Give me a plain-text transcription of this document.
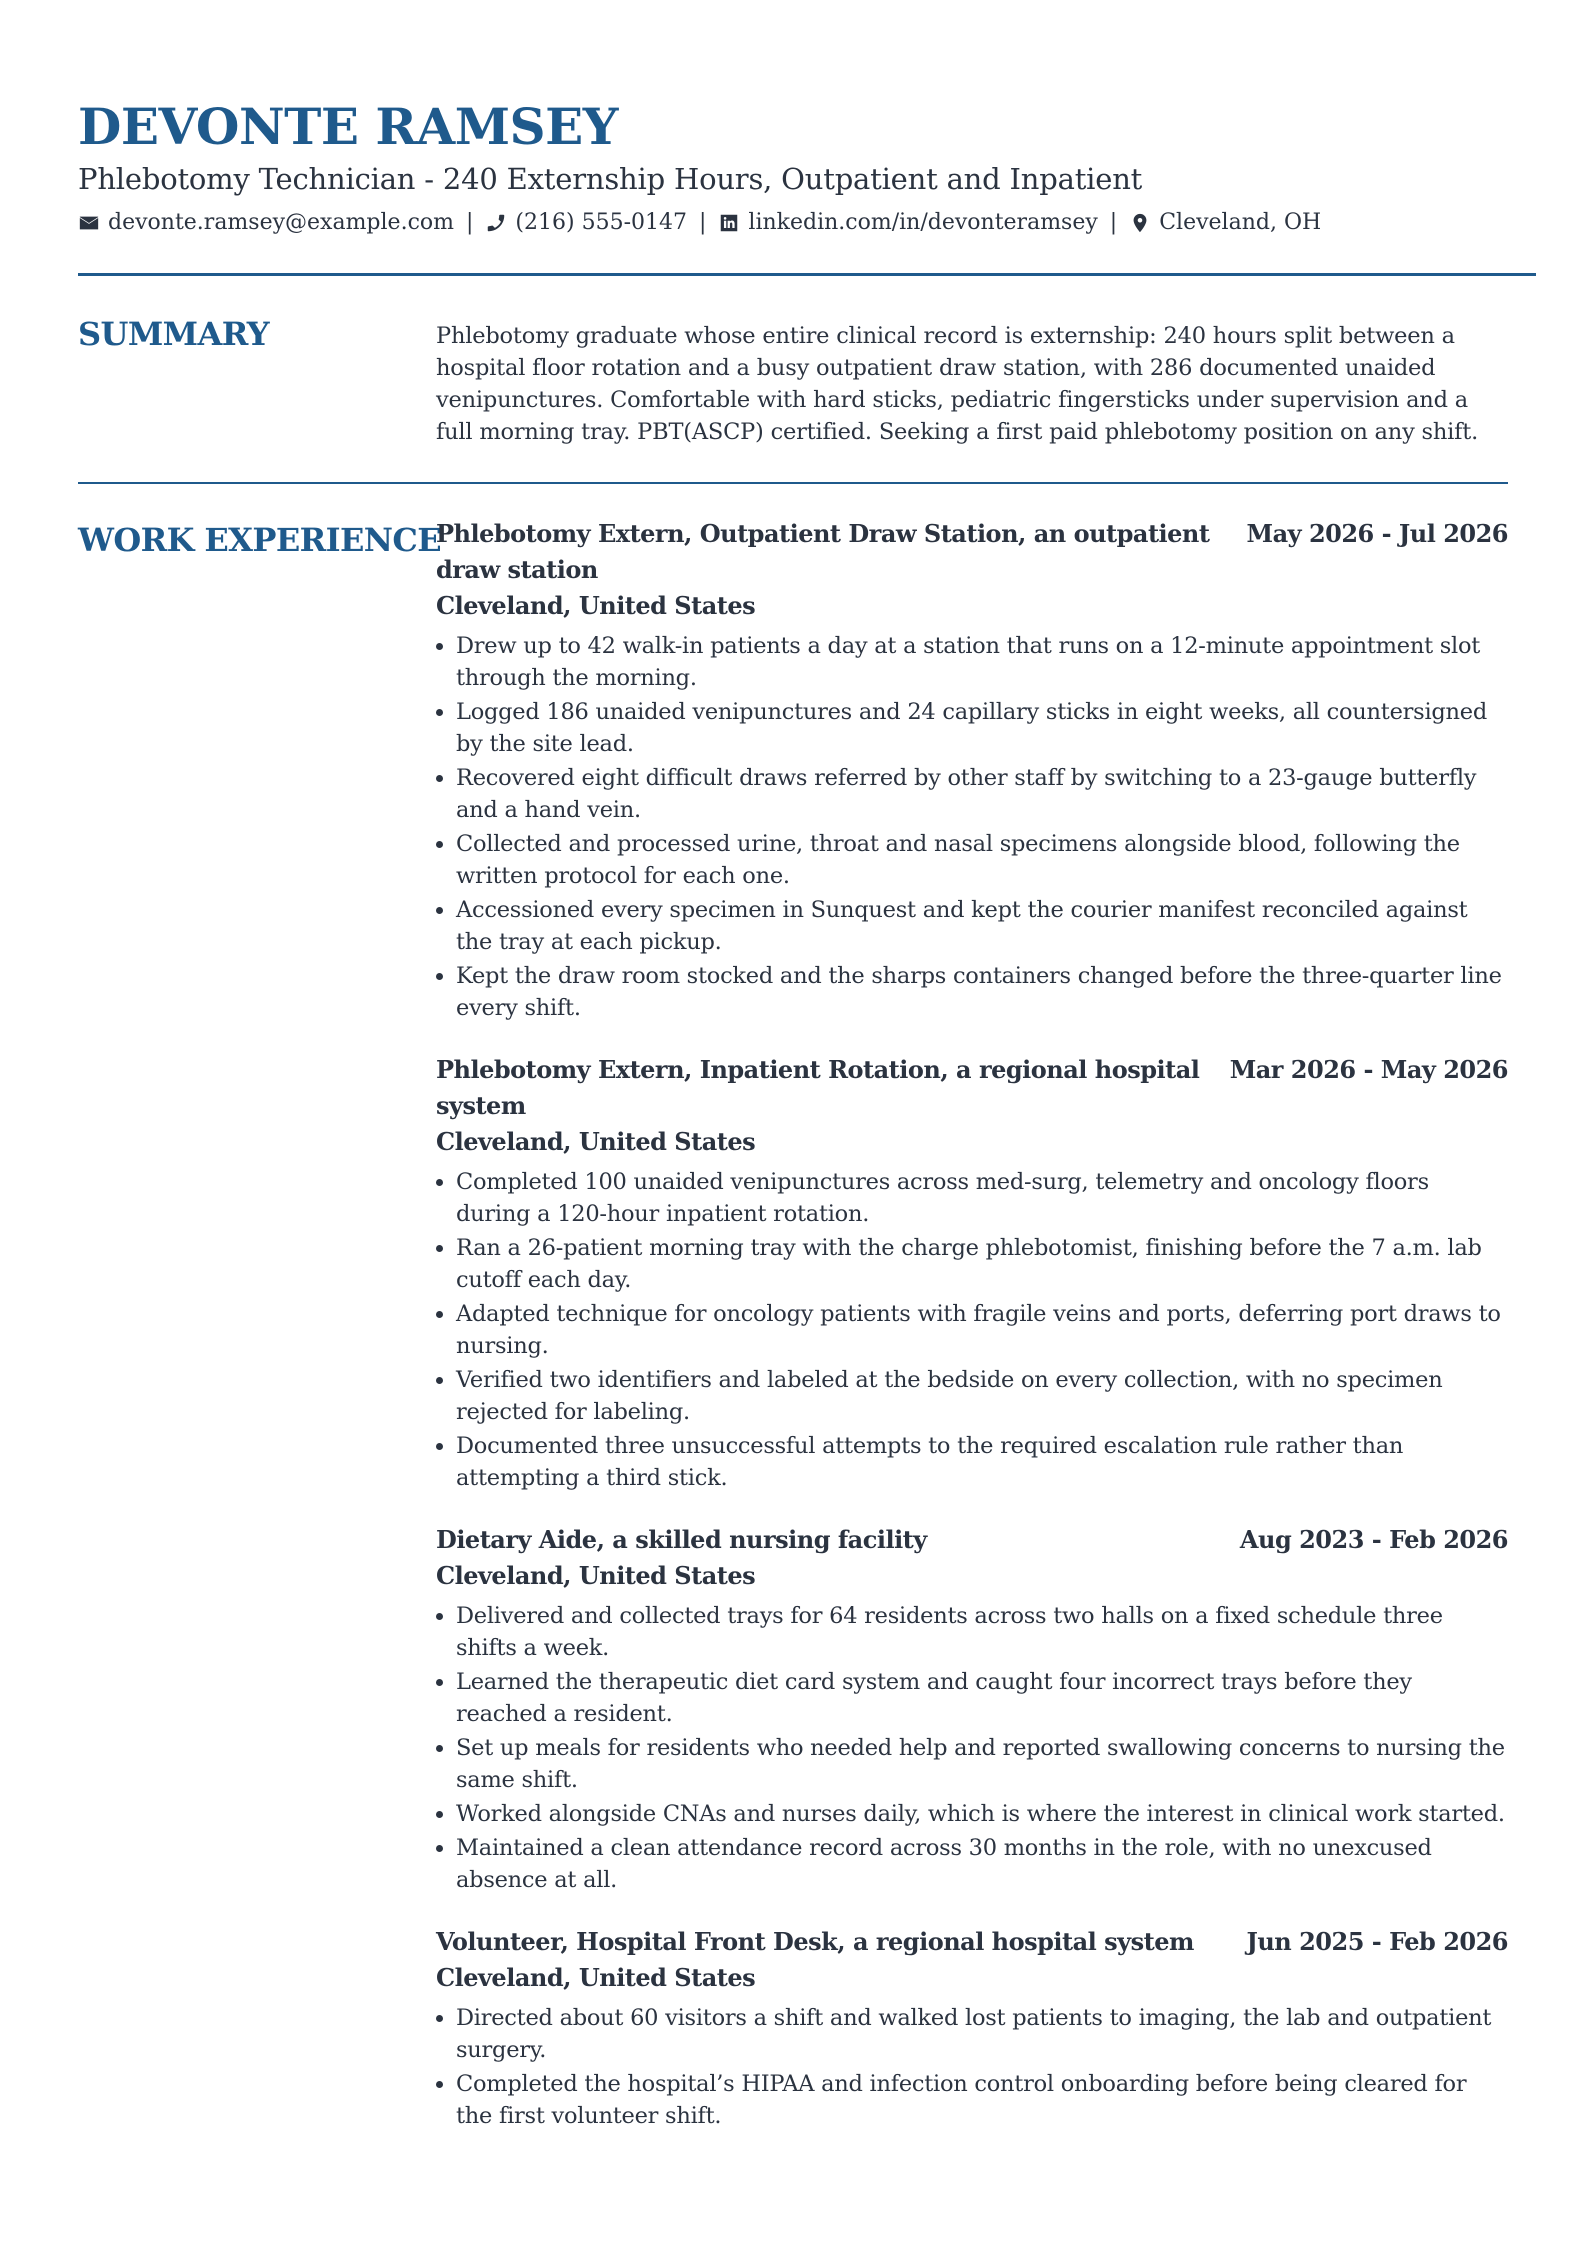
DEVONTE RAMSEY
Phlebotomy Technician - 240 Externship Hours, Outpatient and Inpatient
devonte.ramsey@example.com | (216) 555-0147 | linkedin.com/in/devonteramsey | Cleveland, OH
SUMMARY	Phlebotomy graduate whose entire clinical record is externship: 240 hours split between a hospital floor rotation and a busy outpatient draw station, with 286 documented unaided venipunctures. Comfortable with hard sticks, pediatric fingersticks under supervision and a full morning tray. PBT(ASCP) certified. Seeking a first paid phlebotomy position on any shift.

WORK EXPERIENCE
Phlebotomy Extern, Outpatient Draw Station, an outpatient draw station
May 2026 - Jul 2026
Cleveland, United States
Drew up to 42 walk-in patients a day at a station that runs on a 12-minute appointment slot through the morning.
Logged 186 unaided venipunctures and 24 capillary sticks in eight weeks, all countersigned by the site lead.
Recovered eight difficult draws referred by other staff by switching to a 23-gauge butterfly and a hand vein.
Collected and processed urine, throat and nasal specimens alongside blood, following the written protocol for each one.
Accessioned every specimen in Sunquest and kept the courier manifest reconciled against the tray at each pickup.
Kept the draw room stocked and the sharps containers changed before the three-quarter line every shift.
Phlebotomy Extern, Inpatient Rotation, a regional hospital system
Mar 2026 - May 2026
Cleveland, United States
Completed 100 unaided venipunctures across med-surg, telemetry and oncology floors during a 120-hour inpatient rotation.
Ran a 26-patient morning tray with the charge phlebotomist, finishing before the 7 a.m. lab cutoff each day.
Adapted technique for oncology patients with fragile veins and ports, deferring port draws to nursing.
Verified two identifiers and labeled at the bedside on every collection, with no specimen rejected for labeling.
Documented three unsuccessful attempts to the required escalation rule rather than attempting a third stick.
Dietary Aide, a skilled nursing facility	Aug 2023 - Feb 2026
Cleveland, United States
Delivered and collected trays for 64 residents across two halls on a fixed schedule three shifts a week.
Learned the therapeutic diet card system and caught four incorrect trays before they reached a resident.
Set up meals for residents who needed help and reported swallowing concerns to nursing the same shift.
Worked alongside CNAs and nurses daily, which is where the interest in clinical work started.
Maintained a clean attendance record across 30 months in the role, with no unexcused absence at all.
Volunteer, Hospital Front Desk, a regional hospital system Jun 2025 - Feb 2026
Cleveland, United States
Directed about 60 visitors a shift and walked lost patients to imaging, the lab and outpatient surgery.
Completed the hospital’s HIPAA and infection control onboarding before being cleared for the first volunteer shift.
